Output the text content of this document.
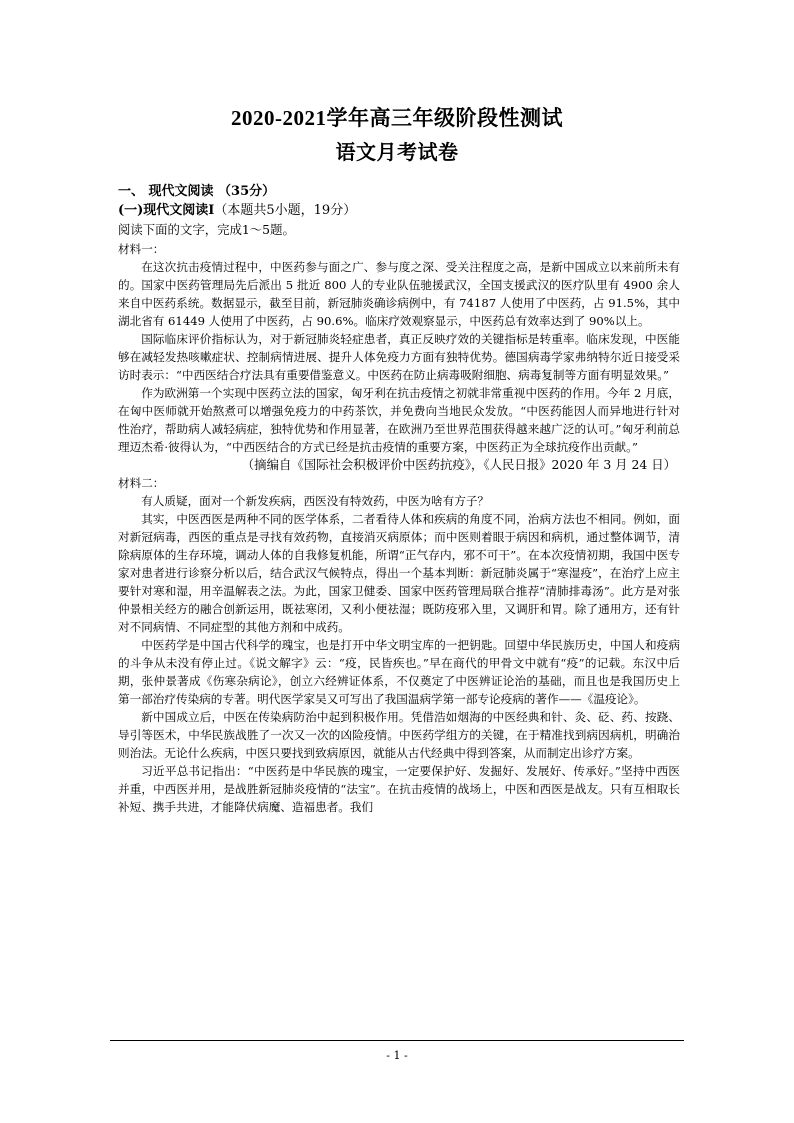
2020-2021学年高三年级阶段性测试
语文月考试卷
一、 现代文阅读 （35分）
(一)现代文阅读Ⅰ（本题共5小题，19分）
阅读下面的文字，完成1～5题。

材料一：

在这次抗击疫情过程中，中医药参与面之广、参与度之深、受关注程度之高，是新中国成立以来前所未有的。国家中医药管理局先后派出 5 批近 800 人的专业队伍驰援武汉，全国支援武汉的医疗队里有 4900 余人来自中医药系统。数据显示，截至目前，新冠肺炎确诊病例中，有 74187 人使用了中医药，占 91.5%，其中湖北省有 61449 人使用了中医药，占 90.6%。临床疗效观察显示，中医药总有效率达到了 90%以上。

国际临床评价指标认为，对于新冠肺炎轻症患者，真正反映疗效的关键指标是转重率。临床发现，中医能够在减轻发热咳嗽症状、控制病情进展、提升人体免疫力方面有独特优势。德国病毒学家弗纳特尔近日接受采访时表示：“中西医结合疗法具有重要借鉴意义。中医药在防止病毒吸附细胞、病毒复制等方面有明显效果。”

作为欧洲第一个实现中医药立法的国家，匈牙利在抗击疫情之初就非常重视中医药的作用。今年 2 月底，在匈中医师就开始熬煮可以增强免疫力的中药茶饮，并免费向当地民众发放。“中医药能因人而异地进行针对性治疗，帮助病人减轻病症，独特优势和作用显著，在欧洲乃至世界范围获得越来越广泛的认可。”匈牙利前总理迈杰希·彼得认为，“中西医结合的方式已经是抗击疫情的重要方案，中医药正为全球抗疫作出贡献。”

（摘编自《国际社会积极评价中医药抗疫》，《人民日报》2020 年 3 月 24 日）

材料二：

有人质疑，面对一个新发疾病，西医没有特效药，中医为啥有方子？

其实，中医西医是两种不同的医学体系，二者看待人体和疾病的角度不同，治病方法也不相同。例如，面对新冠病毒，西医的重点是寻找有效药物，直接消灭病原体；而中医则着眼于病因和病机，通过整体调节，清除病原体的生存环境，调动人体的自我修复机能，所谓“正气存内，邪不可干”。在本次疫情初期，我国中医专家对患者进行诊察分析以后，结合武汉气候特点，得出一个基本判断：新冠肺炎属于“寒湿疫”，在治疗上应主要针对寒和湿，用辛温解表之法。为此，国家卫健委、国家中医药管理局联合推荐“清肺排毒汤”。此方是对张仲景相关经方的融合创新运用，既祛寒闭，又利小便祛湿；既防疫邪入里，又调肝和胃。除了通用方，还有针对不同病情、不同症型的其他方剂和中成药。

中医药学是中国古代科学的瑰宝，也是打开中华文明宝库的一把钥匙。回望中华民族历史，中国人和疫病的斗争从未没有停止过。《说文解字》云：“疫，民皆疾也。”早在商代的甲骨文中就有“疫”的记载。东汉中后期，张仲景著成《伤寒杂病论》，创立六经辨证体系，不仅奠定了中医辨证论治的基础，而且也是我国历史上第一部治疗传染病的专著。明代医学家吴又可写出了我国温病学第一部专论疫病的著作——《温疫论》。

新中国成立后，中医在传染病防治中起到积极作用。凭借浩如烟海的中医经典和针、灸、砭、药、按跷、导引等医术，中华民族战胜了一次又一次的凶险疫情。中医药学组方的关键，在于精准找到病因病机，明确治则治法。无论什么疾病，中医只要找到致病原因，就能从古代经典中得到答案，从而制定出诊疗方案。

习近平总书记指出：“中医药是中华民族的瑰宝，一定要保护好、发掘好、发展好、传承好。”坚持中西医并重，中西医并用，是战胜新冠肺炎疫情的“法宝”。在抗击疫情的战场上，中医和西医是战友。只有互相取长补短、携手共进，才能降伏病魔、造福患者。我们

- 1 -
